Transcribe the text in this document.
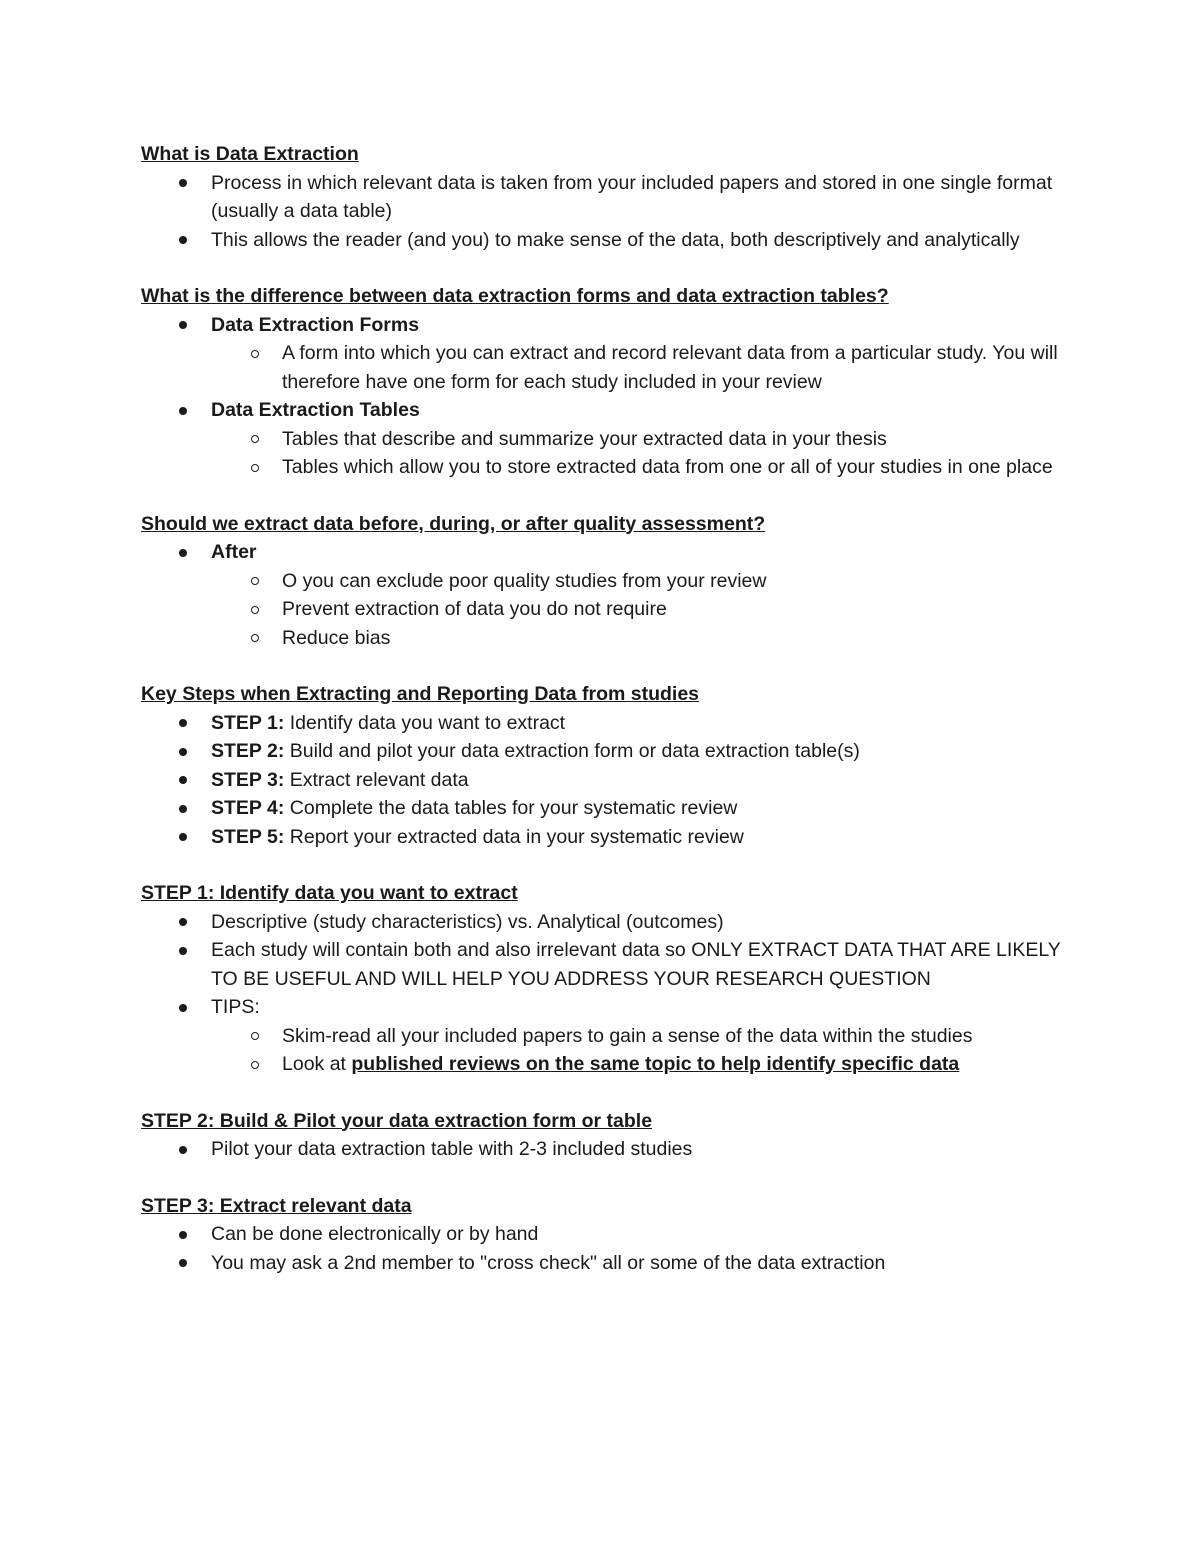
What is Data Extraction
Process in which relevant data is taken from your included papers and stored in one single format (usually a data table)
This allows the reader (and you) to make sense of the data, both descriptively and analytically
What is the difference between data extraction forms and data extraction tables?
Data Extraction Forms
A form into which you can extract and record relevant data from a particular study. You will therefore have one form for each study included in your review
Data Extraction Tables
Tables that describe and summarize your extracted data in your thesis
Tables which allow you to store extracted data from one or all of your studies in one place
Should we extract data before, during, or after quality assessment?
After
O you can exclude poor quality studies from your review
Prevent extraction of data you do not require
Reduce bias
Key Steps when Extracting and Reporting Data from studies
STEP 1: Identify data you want to extract
STEP 2: Build and pilot your data extraction form or data extraction table(s)
STEP 3: Extract relevant data
STEP 4: Complete the data tables for your systematic review
STEP 5: Report your extracted data in your systematic review
STEP 1: Identify data you want to extract
Descriptive (study characteristics) vs. Analytical (outcomes)
Each study will contain both and also irrelevant data so ONLY EXTRACT DATA THAT ARE LIKELY TO BE USEFUL AND WILL HELP YOU ADDRESS YOUR RESEARCH QUESTION
TIPS:
Skim-read all your included papers to gain a sense of the data within the studies
Look at published reviews on the same topic to help identify specific data
STEP 2: Build & Pilot your data extraction form or table
Pilot your data extraction table with 2-3 included studies
STEP 3: Extract relevant data
Can be done electronically or by hand
You may ask a 2nd member to "cross check" all or some of the data extraction
